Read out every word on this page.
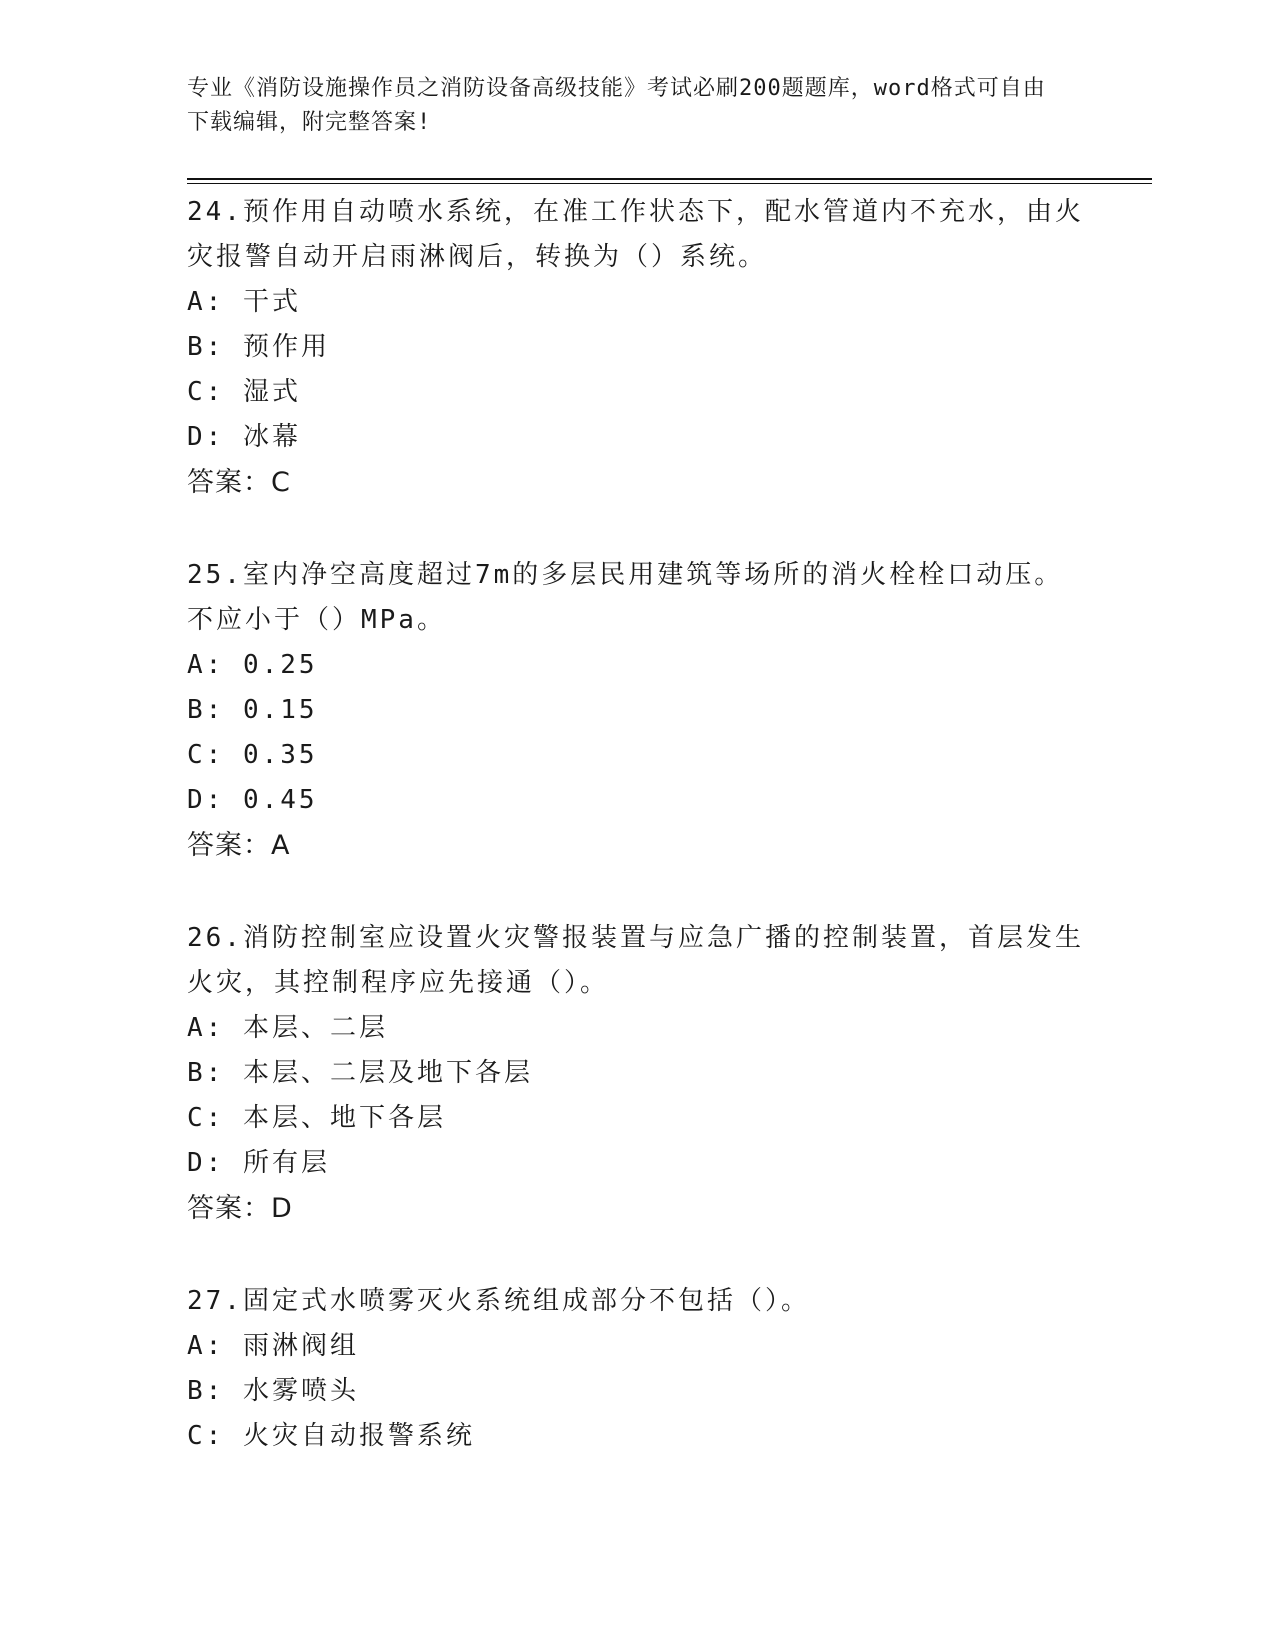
专业《消防设施操作员之消防设备高级技能》考试必刷200题题库，word格式可自由下载编辑，附完整答案!
24.预作用自动喷水系统，在准工作状态下，配水管道内不充水，由火灾报警自动开启雨淋阀后，转换为（）系统。
A: 干式
B: 预作用
C: 湿式
D: 冰幕
答案：C
25.室内净空高度超过7m的多层民用建筑等场所的消火栓栓口动压。不应小于（）MPa。
A: 0.25
B: 0.15
C: 0.35
D: 0.45
答案：A
26.消防控制室应设置火灾警报装置与应急广播的控制装置，首层发生火灾，其控制程序应先接通（）。
A: 本层、二层
B: 本层、二层及地下各层
C: 本层、地下各层
D: 所有层
答案：D
27.固定式水喷雾灭火系统组成部分不包括（）。
A: 雨淋阀组
B: 水雾喷头
C: 火灾自动报警系统
